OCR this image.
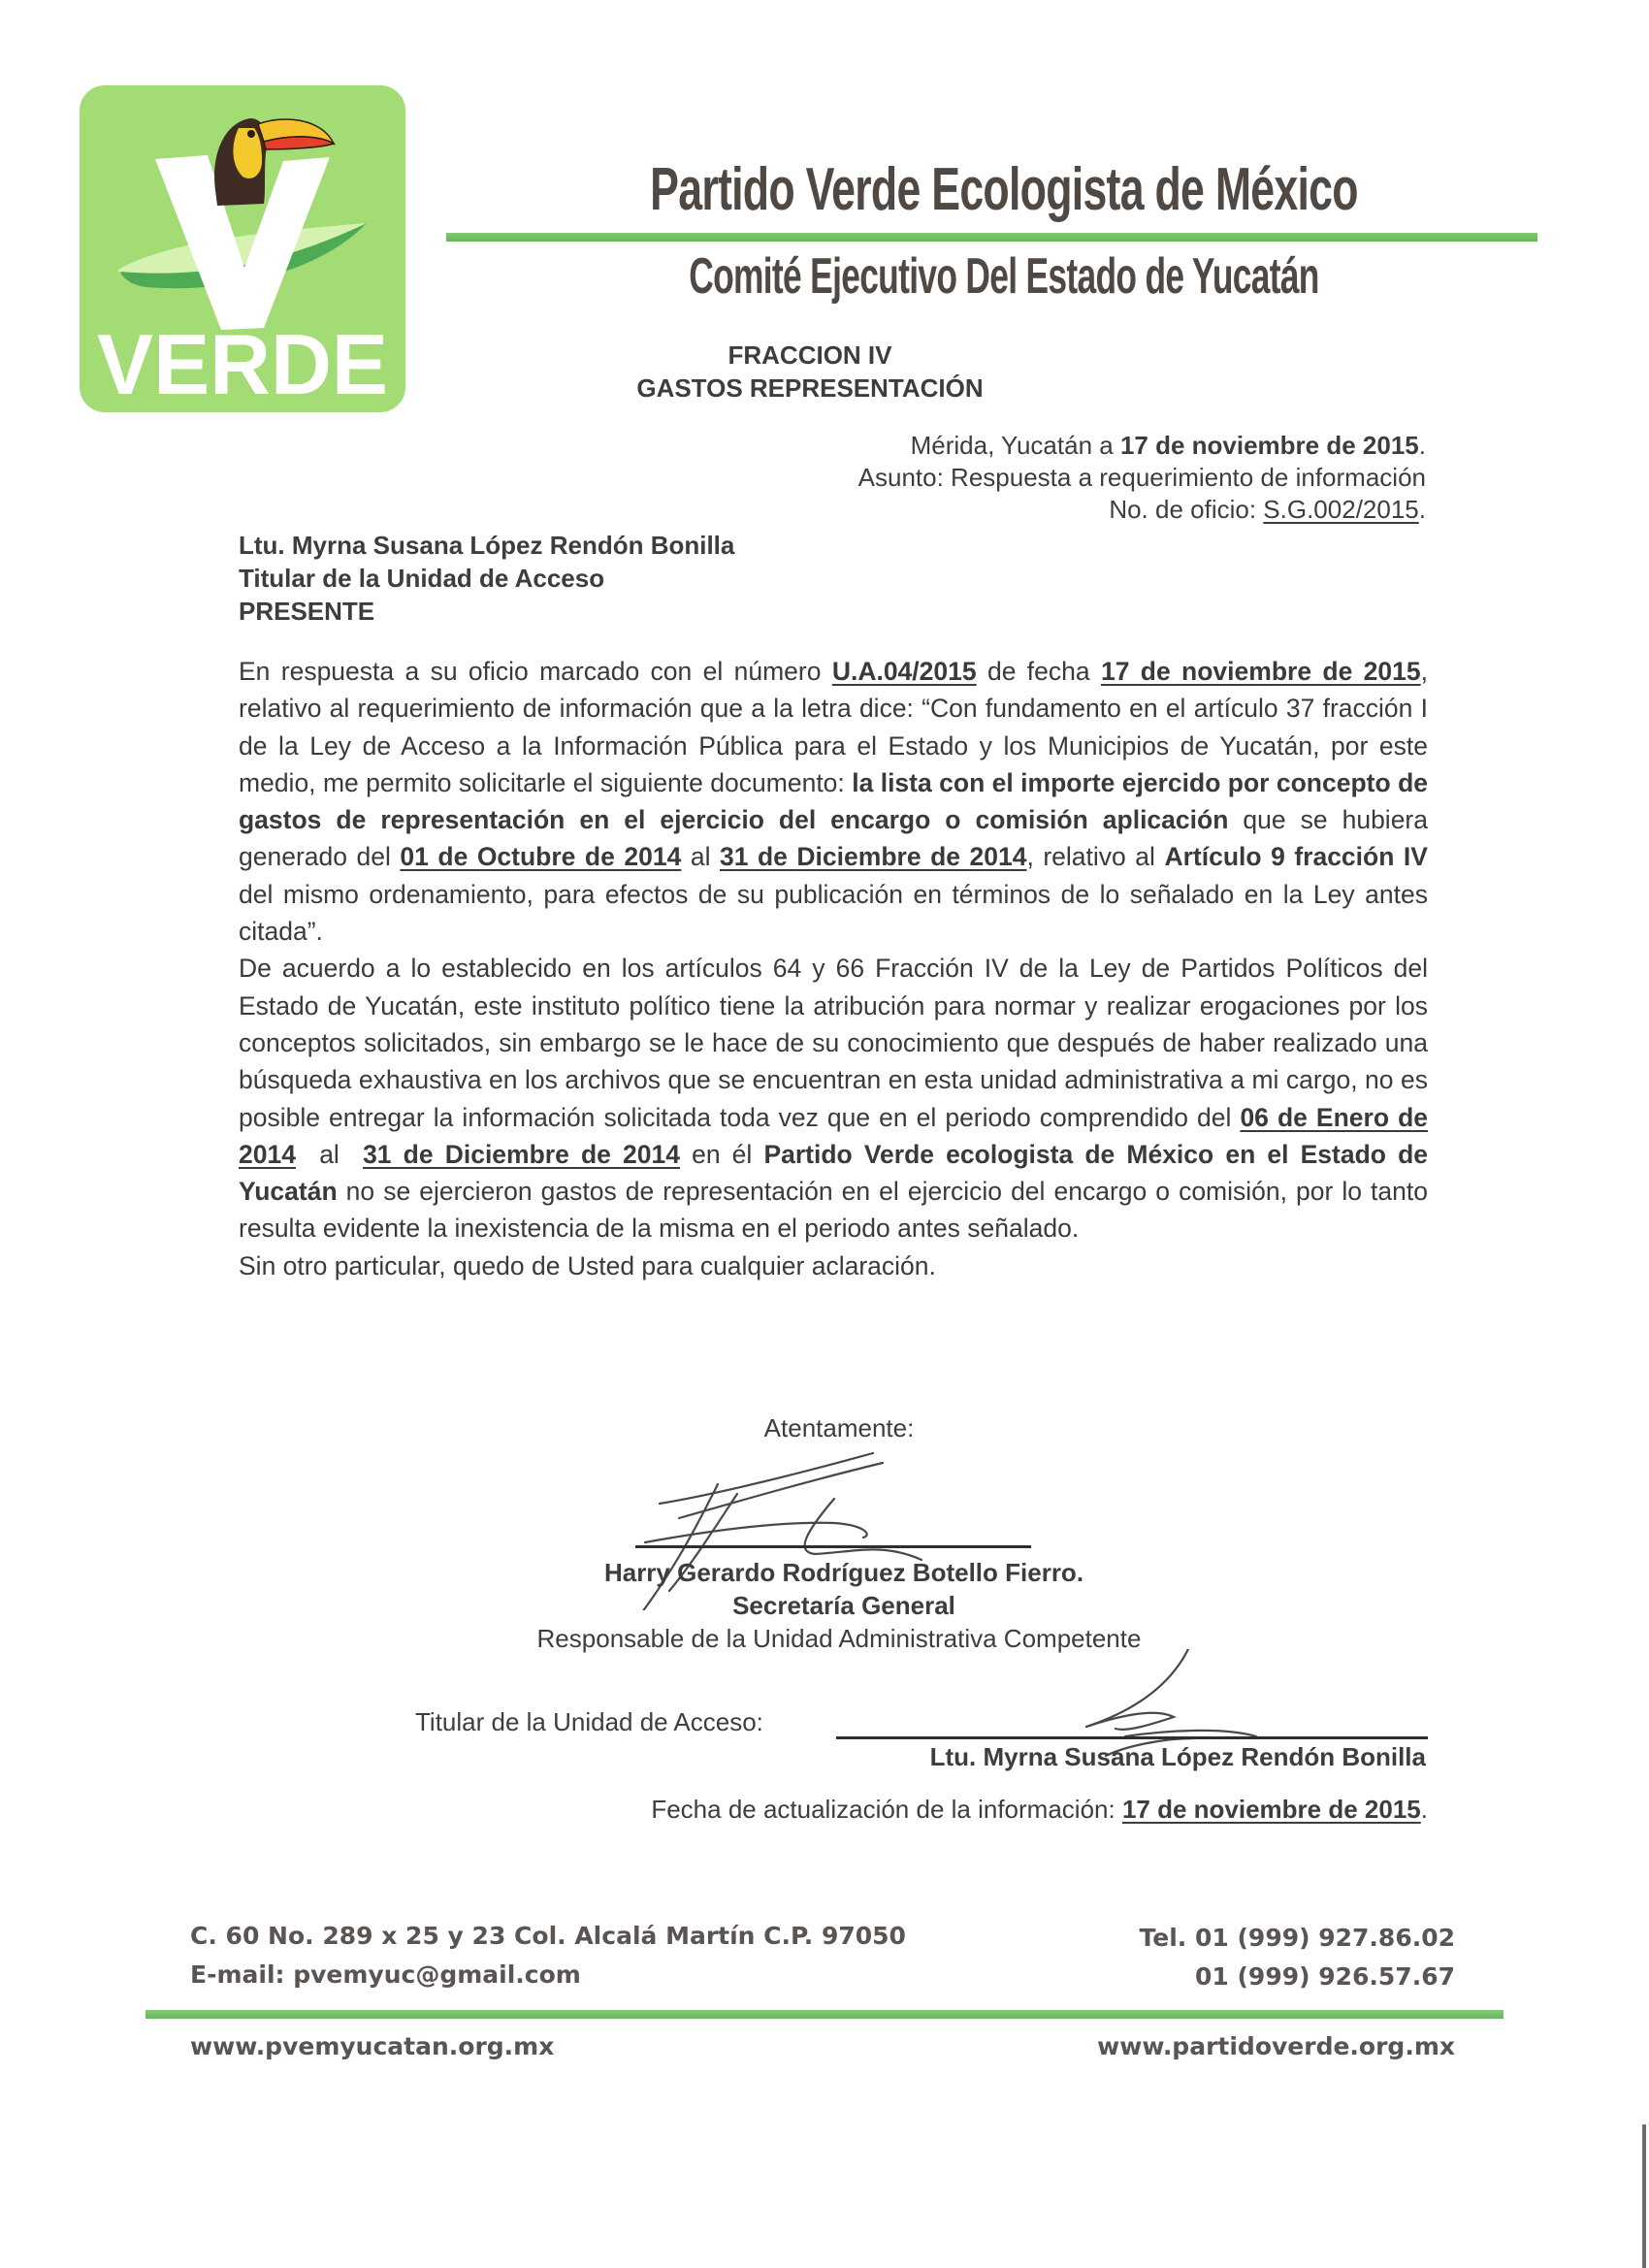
VERDE
Partido Verde Ecologista de México
Comité Ejecutivo Del Estado de Yucatán
FRACCION IV
GASTOS REPRESENTACIÓN
Mérida, Yucatán a 17 de noviembre de 2015.
Asunto: Respuesta a requerimiento de información
No. de oficio: S.G.002/2015.
Ltu. Myrna Susana López Rendón Bonilla
Titular de la Unidad de Acceso
PRESENTE

En respuesta a su oficio marcado con el número U.A.04/2015 de fecha 17 de noviembre de 2015, relativo al requerimiento de información que a la letra dice: “Con fundamento en el artículo 37 fracción I de la Ley de Acceso a la Información Pública para el Estado y los Municipios de Yucatán, por este medio, me permito solicitarle el siguiente documento: la lista con el importe ejercido por concepto de gastos de representación en el ejercicio del encargo o comisión aplicación que se hubiera generado del 01 de Octubre de 2014 al 31 de Diciembre de 2014, relativo al Artículo 9 fracción IV del mismo ordenamiento, para efectos de su publicación en términos de lo señalado en la Ley antes citada”.

De acuerdo a lo establecido en los artículos 64 y 66 Fracción IV de la Ley de Partidos Políticos del Estado de Yucatán, este instituto político tiene la atribución para normar y realizar erogaciones por los conceptos solicitados, sin embargo se le hace de su conocimiento que después de haber realizado una búsqueda exhaustiva en los archivos que se encuentran en esta unidad administrativa a mi cargo, no es posible entregar la información solicitada toda vez que en el periodo comprendido del 06 de Enero de 2014  al  31 de Diciembre de 2014 en él Partido Verde ecologista de México en el Estado de Yucatán no se ejercieron gastos de representación en el ejercicio del encargo o comisión, por lo tanto resulta evidente la inexistencia de la misma en el periodo antes señalado.

Sin otro particular, quedo de Usted para cualquier aclaración.

Atentamente:
Harry Gerardo Rodríguez Botello Fierro.
Secretaría General
Responsable de la Unidad Administrativa Competente
Titular de la Unidad de Acceso:
Ltu. Myrna Susana López Rendón Bonilla
Fecha de actualización de la información: 17 de noviembre de 2015.
C. 60 No. 289 x 25 y 23 Col. Alcalá Martín C.P. 97050
E-mail: pvemyuc@gmail.com
Tel. 01 (999) 927.86.02
01 (999) 926.57.67
www.pvemyucatan.org.mx	www.partidoverde.org.mx
